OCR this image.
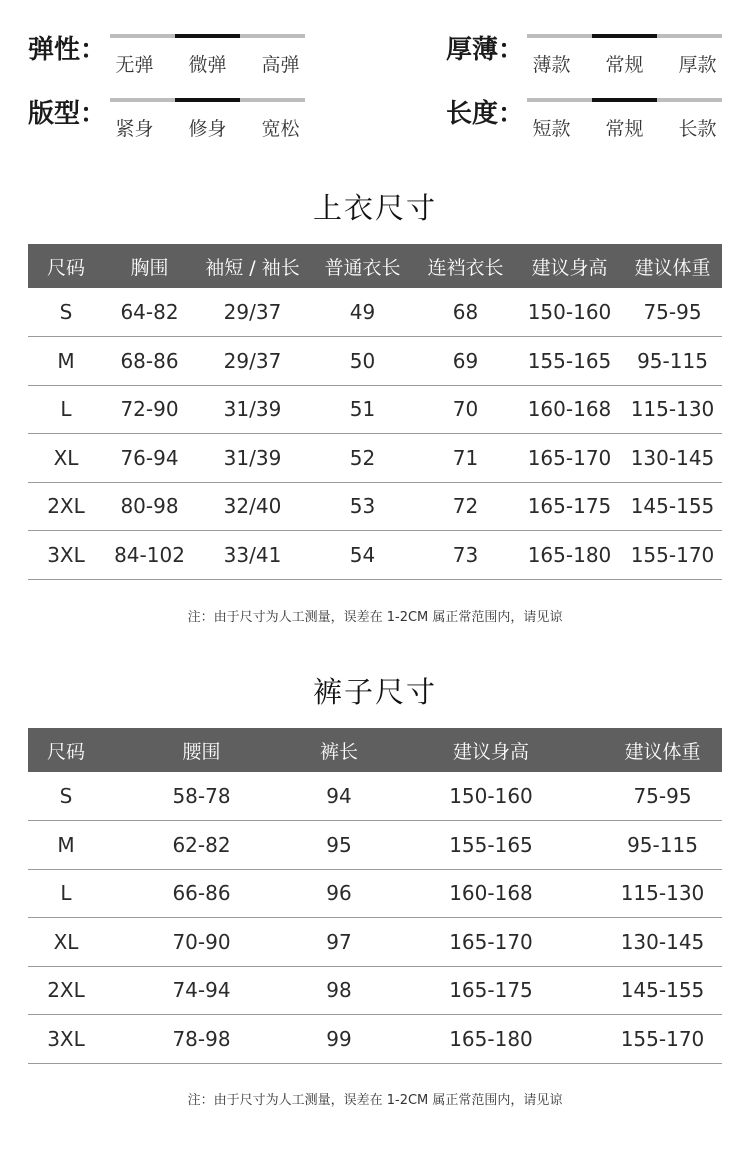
弹性： 无弹	微弹	高弹	厚薄： 薄款	常规	厚款
版型： 紧身	修身	宽松	长度： 短款	常规	长款
上衣尺寸
尺码	胸围	袖短 / 袖长	普通衣长	连裆衣长	建议身高	建议体重
S	64-82	29/37	49	68	150-160	75-95
M	68-86	29/37	50	69	155-165	95-115
L	72-90	31/39	51	70	160-168	115-130
XL	76-94	31/39	52	71	165-170	130-145
2XL	80-98	32/40	53	72	165-175	145-155
3XL	84-102	33/41	54	73	165-180	155-170
注：由于尺寸为人工测量，误差在 1-2CM 属正常范围内，请见谅
裤子尺寸
尺码	腰围	裤长	建议身高	建议体重
S	58-78	94	150-160	75-95
M	62-82	95	155-165	95-115
L	66-86	96	160-168	115-130
XL	70-90	97	165-170	130-145
2XL	74-94	98	165-175	145-155
3XL	78-98	99	165-180	155-170
注：由于尺寸为人工测量，误差在 1-2CM 属正常范围内，请见谅
